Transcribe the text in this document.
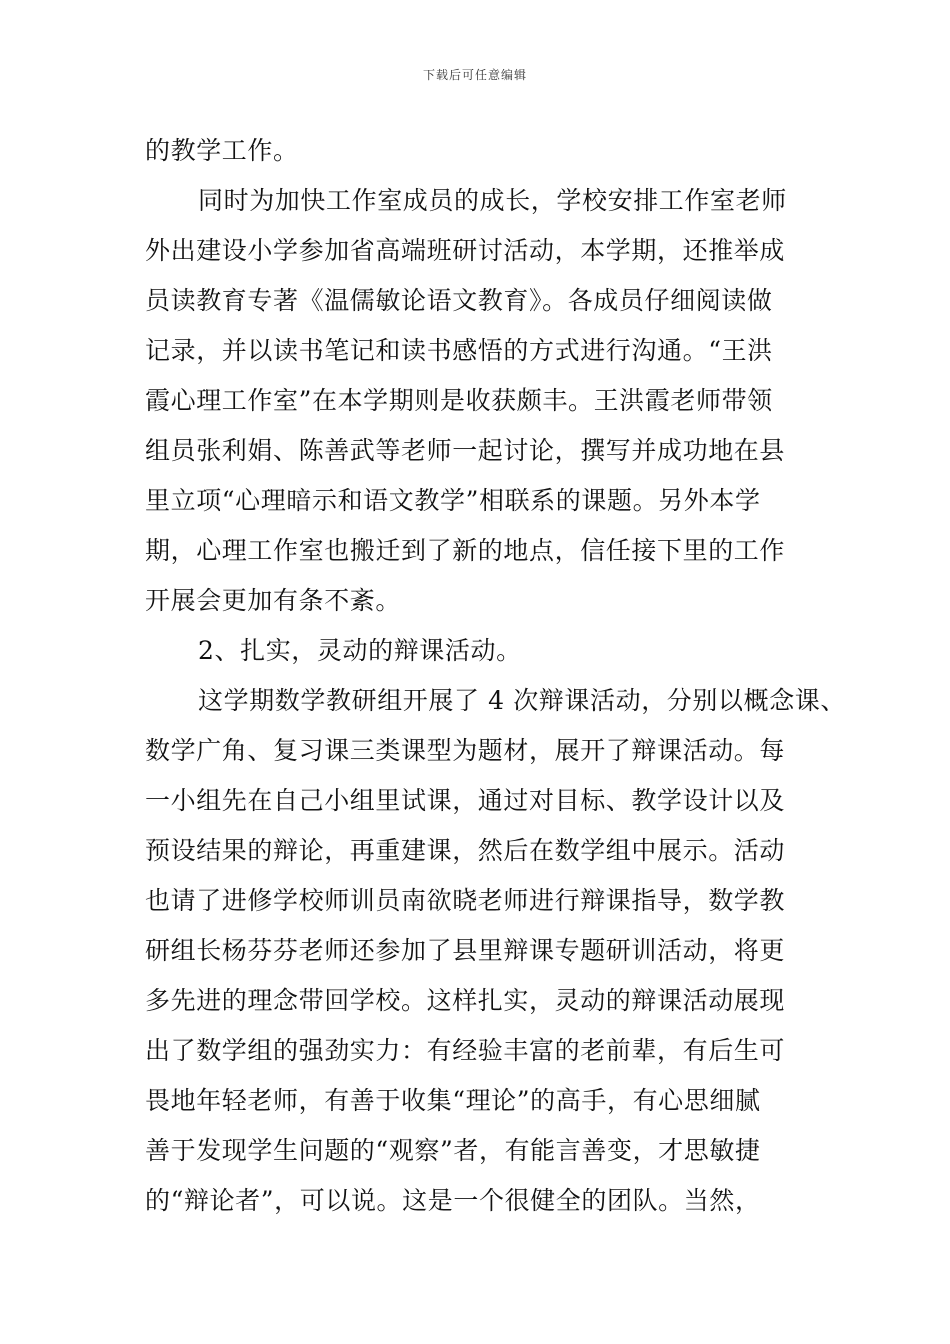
下载后可任意编辑
的教学工作。
同时为加快工作室成员的成长，学校安排工作室老师
外出建设小学参加省高端班研讨活动，本学期，还推举成
员读教育专著《温儒敏论语文教育》。各成员仔细阅读做
记录，并以读书笔记和读书感悟的方式进行沟通。“王洪
霞心理工作室”在本学期则是收获颇丰。王洪霞老师带领
组员张利娟、陈善武等老师一起讨论，撰写并成功地在县
里立项“心理暗示和语文教学”相联系的课题。另外本学
期，心理工作室也搬迁到了新的地点，信任接下里的工作
开展会更加有条不紊。
2、扎实，灵动的辩课活动。
这学期数学教研组开展了 4 次辩课活动，分别以概念课、
数学广角、复习课三类课型为题材，展开了辩课活动。每
一小组先在自己小组里试课，通过对目标、教学设计以及
预设结果的辩论，再重建课，然后在数学组中展示。活动
也请了进修学校师训员南欲晓老师进行辩课指导，数学教
研组长杨芬芬老师还参加了县里辩课专题研训活动，将更
多先进的理念带回学校。这样扎实，灵动的辩课活动展现
出了数学组的强劲实力：有经验丰富的老前辈，有后生可
畏地年轻老师，有善于收集“理论”的高手，有心思细腻
善于发现学生问题的“观察”者，有能言善变，才思敏捷
的“辩论者”，可以说。这是一个很健全的团队。当然，
